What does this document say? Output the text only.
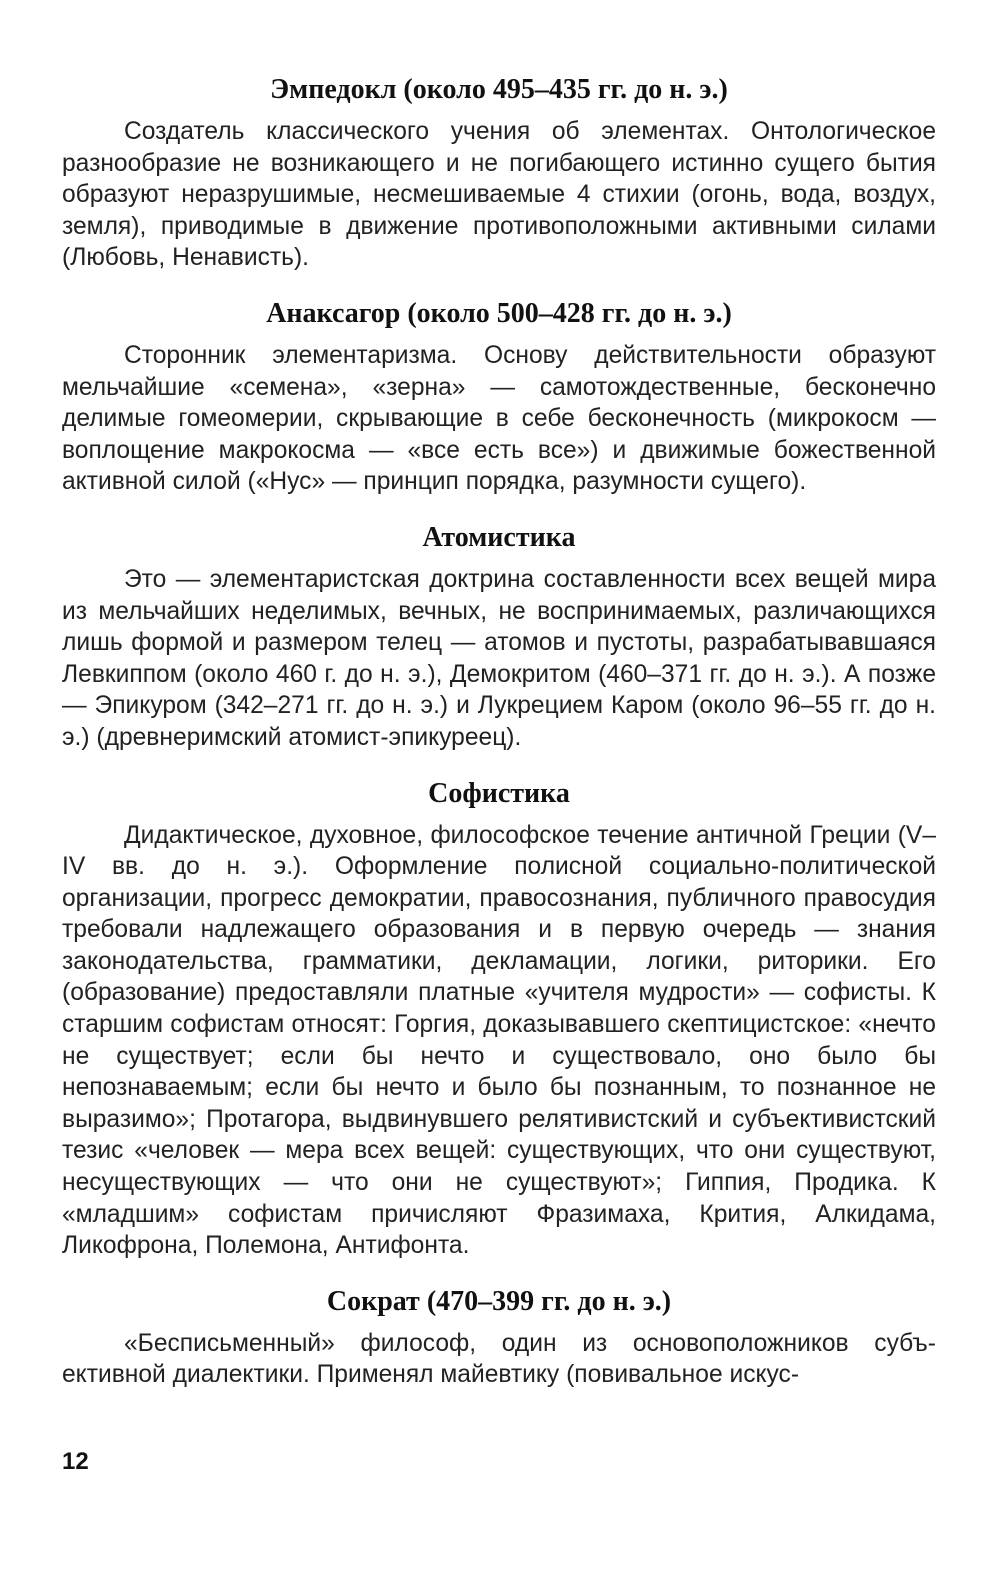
Эмпедокл (около 495–435 гг. до н. э.)

Создатель классического учения об элементах. Онтологическое разнообразие не возникающего и не погибающего истинно сущего бытия образуют неразрушимые, несмешиваемые 4 стихии (огонь, вода, воздух, земля), приводимые в движение противоположными активными силами (Любовь, Ненависть).

Анаксагор (около 500–428 гг. до н. э.)

Сторонник элементаризма. Основу действительности образуют мельчайшие «семена», «зерна» — самотождественные, бесконечно делимые гомеомерии, скрывающие в себе бесконечность (микрокосм — воплощение макрокосма — «все есть все») и движимые божественной активной силой («Нус» — принцип порядка, разумности сущего).

Атомистика

Это — элементаристская доктрина составленности всех вещей мира из мельчайших неделимых, вечных, не воспринимаемых, различающихся лишь формой и размером телец — атомов и пустоты, разрабатывавшаяся Левкиппом (около 460 г. до н. э.), Демокритом (460–371 гг. до н. э.). А позже — Эпикуром (342–271 гг. до н. э.) и Лукрецием Каром (около 96–55 гг. до н. э.) (древнеримский атомист-эпикуреец).

Софистика

Дидактическое, духовное, философское течение античной Греции (V–IV вв. до н. э.). Оформление полисной социально-политической организации, прогресс демократии, правосознания, публичного правосудия требовали надлежащего образования и в первую очередь — знания законодательства, грамматики, декламации, логики, риторики. Его (образование) предоставляли платные «учителя мудрости» — софисты. К старшим софистам относят: Горгия, доказывавшего скептицистское: «нечто не существует; если бы нечто и существовало, оно было бы непознаваемым; если бы нечто и было бы познанным, то познанное не выразимо»; Протагора, выдвинувшего релятивистский и субъективистский тезис «человек — мера всех вещей: существующих, что они существуют, несуществующих — что они не существуют»; Гиппия, Продика. К «младшим» софистам причисляют Фразимаха, Крития, Алкидама, Ликофрона, Полемона, Антифонта.

Сократ (470–399 гг. до н. э.)

«Бесписьменный» философ, один из основоположников субъективной диалектики. Применял майевтику (повивальное искус-

12
